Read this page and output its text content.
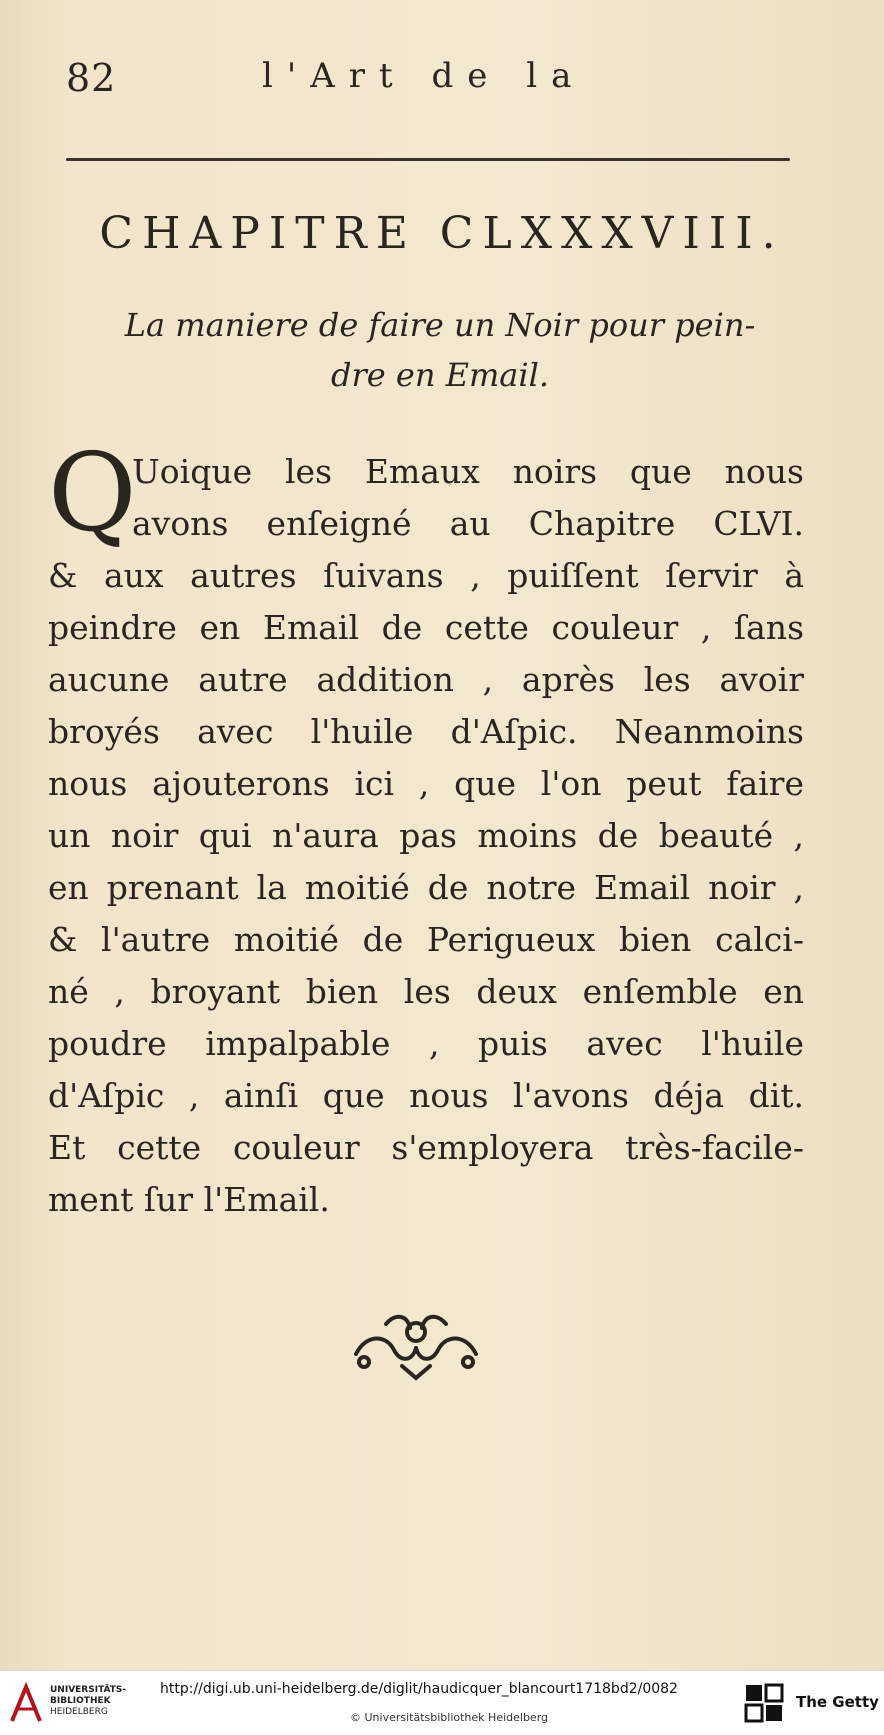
82	l'Art de la
CHAPITRE CLXXXVIII.
La maniere de faire un Noir pour pein-
dre en Email.
Q
Uoique les Emaux noirs que nous
avons enſeigné au Chapitre CLVI.
& aux autres ſuivans , puiſſent ſervir à
peindre en Email de cette couleur , ſans
aucune autre addition , après les avoir
broyés avec l'huile d'Aſpic. Neanmoins
nous ajouterons ici , que l'on peut faire
un noir qui n'aura pas moins de beauté ,
en prenant la moitié de notre Email noir ,
& l'autre moitié de Perigueux bien calci-
né , broyant bien les deux enſemble en
poudre impalpable , puis avec l'huile
d'Aſpic , ainſi que nous l'avons déja dit.
Et cette couleur s'employera très-facile-
ment ſur l'Email.
UNIVERSITÄTS-
BIBLIOTHEK
HEIDELBERG
http://digi.ub.uni-heidelberg.de/diglit/haudicquer_blancourt1718bd2/0082
© Universitätsbibliothek Heidelberg
The Getty
